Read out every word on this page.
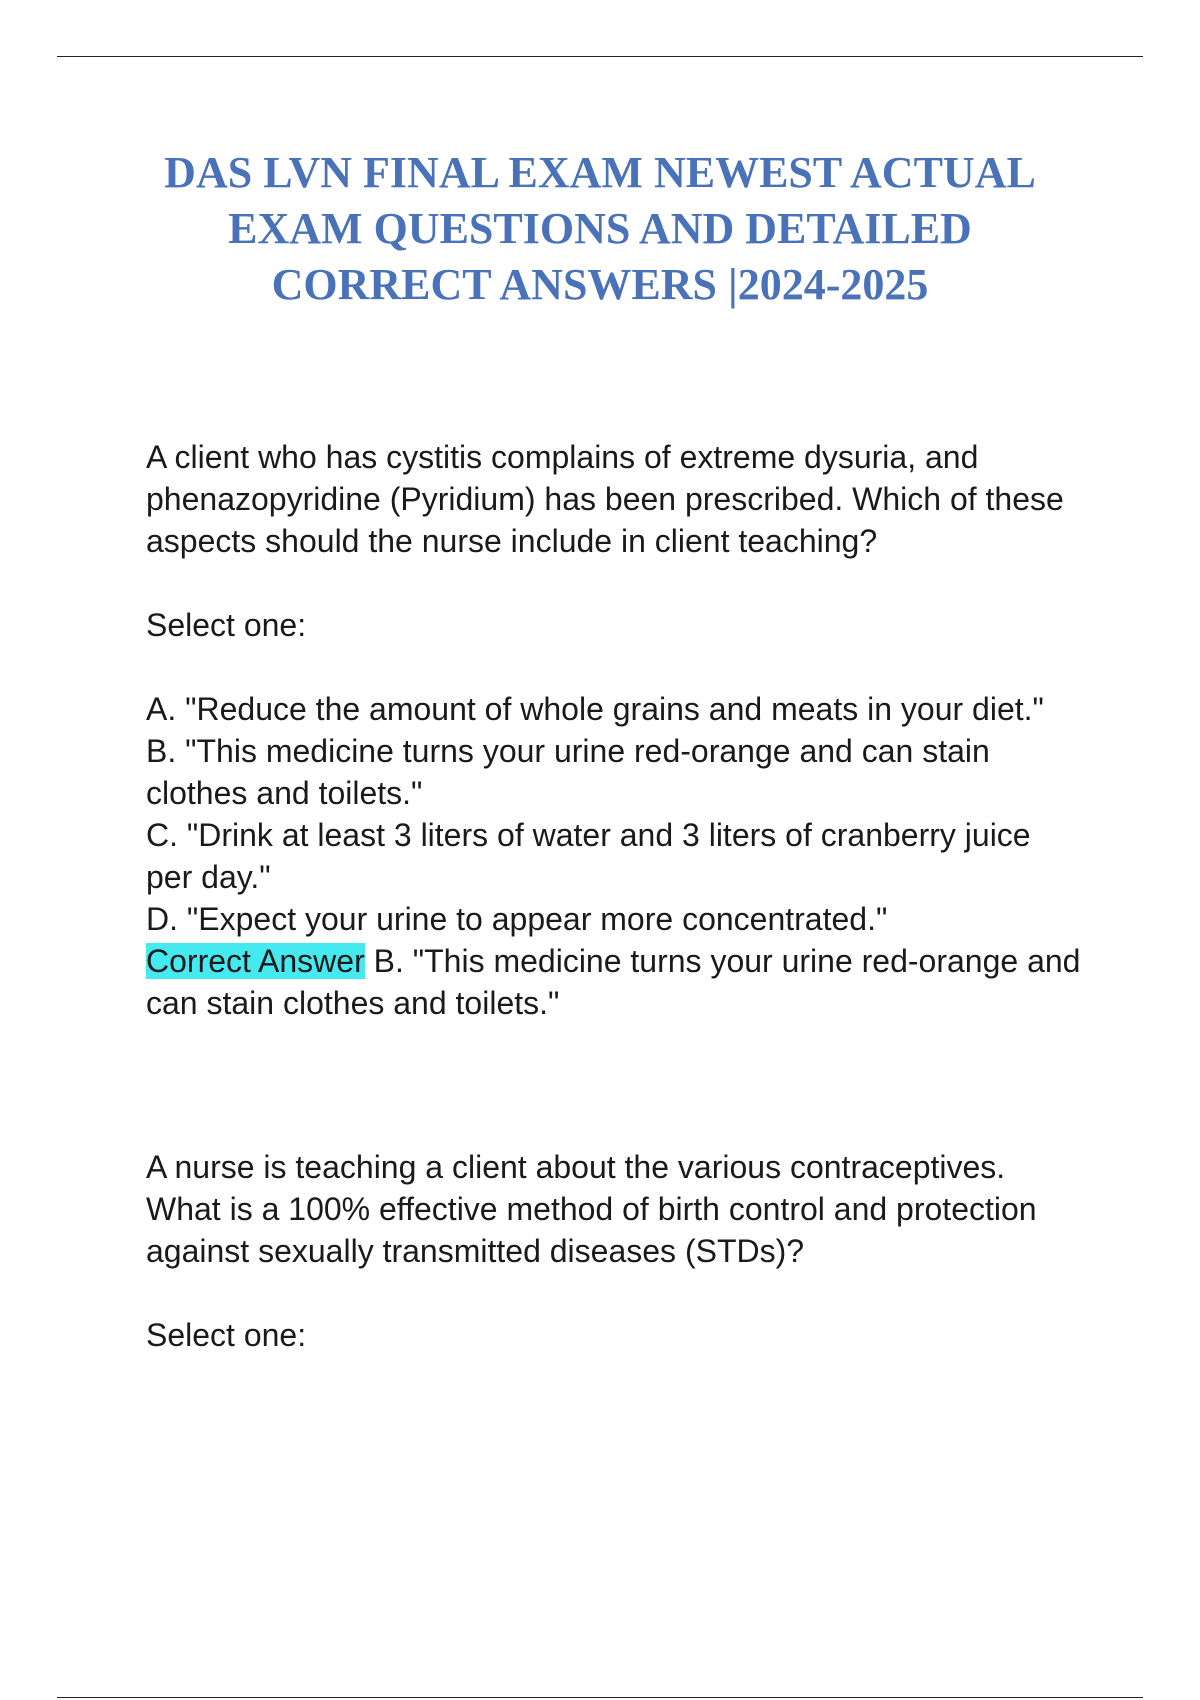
DAS LVN FINAL EXAM NEWEST ACTUAL EXAM QUESTIONS AND DETAILED CORRECT ANSWERS |2024-2025

A client who has cystitis complains of extreme dysuria, and phenazopyridine (Pyridium) has been prescribed. Which of these aspects should the nurse include in client teaching?

Select one:

A. "Reduce the amount of whole grains and meats in your diet."

B. "This medicine turns your urine red-orange and can stain clothes and toilets."

C. "Drink at least 3 liters of water and 3 liters of cranberry juice per day."

D. "Expect your urine to appear more concentrated."

Correct Answer B. "This medicine turns your urine red-orange and can stain clothes and toilets."

A nurse is teaching a client about the various contraceptives. What is a 100% effective method of birth control and protection against sexually transmitted diseases (STDs)?

Select one:
